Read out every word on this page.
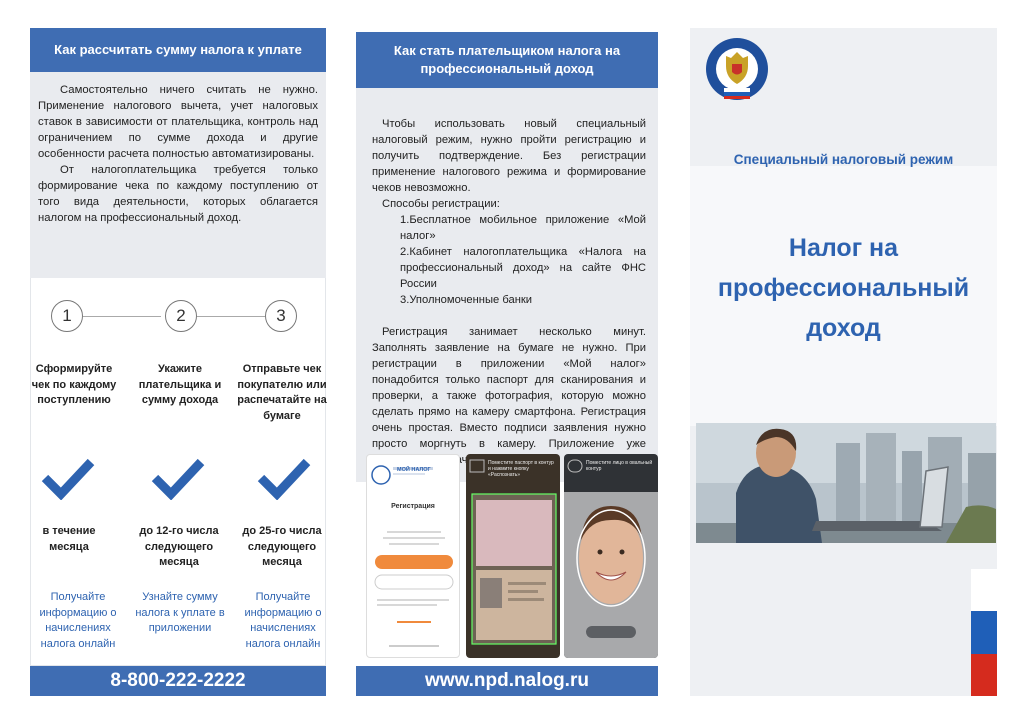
Как рассчитать сумму налога к уплате

Самостоятельно ничего считать не нужно. Применение налогового вычета, учет налоговых ставок в зависимости от плательщика, контроль над ограничением по сумме дохода и другие особенности расчета полностью автоматизированы.

От налогоплательщика требуется только формирование чека по каждому поступлению от того вида деятельности, которых облагается налогом на профессиональный доход.

1	2	3
Сформируйте чек по каждому поступлению
Укажите плательщика и сумму дохода
Отправьте чек покупателю или распечатайте на бумаге
в течение месяца
до 12-го числа следующего месяца
до 25-го числа следующего месяца
Получайте информацию о начислениях налога онлайн
Узнайте сумму налога к уплате в приложении
Получайте информацию о начислениях налога онлайн
8-800-222-2222
Как стать плательщиком налога на профессиональный доход

Чтобы использовать новый специальный налоговый режим, нужно пройти регистрацию и получить подтверждение. Без регистрации применение налогового режима и формирование чеков невозможно.

Способы регистрации:

1.Бесплатное мобильное приложение «Мой налог»

2.Кабинет налогоплательщика «Налога на профессиональный доход» на сайте ФНС России

3.Уполномоченные банки

Регистрация занимает несколько минут. Заполнять заявление на бумаге не нужно. При регистрации в приложении «Мой налог» понадобится только паспорт для сканирования и проверки, а также фотография, которую можно сделать прямо на камеру смартфона. Регистрация очень простая. Вместо подписи заявления нужно просто моргнуть в камеру. Приложение уже

МОЙ НАЛОГ
Регистрация
Поместите паспорт в контур и нажмите кнопку «Распознать»
Поместите лицо в овальный контур
www.npd.nalog.ru
Специальный налоговый режим
Налог на
профессиональный
доход
